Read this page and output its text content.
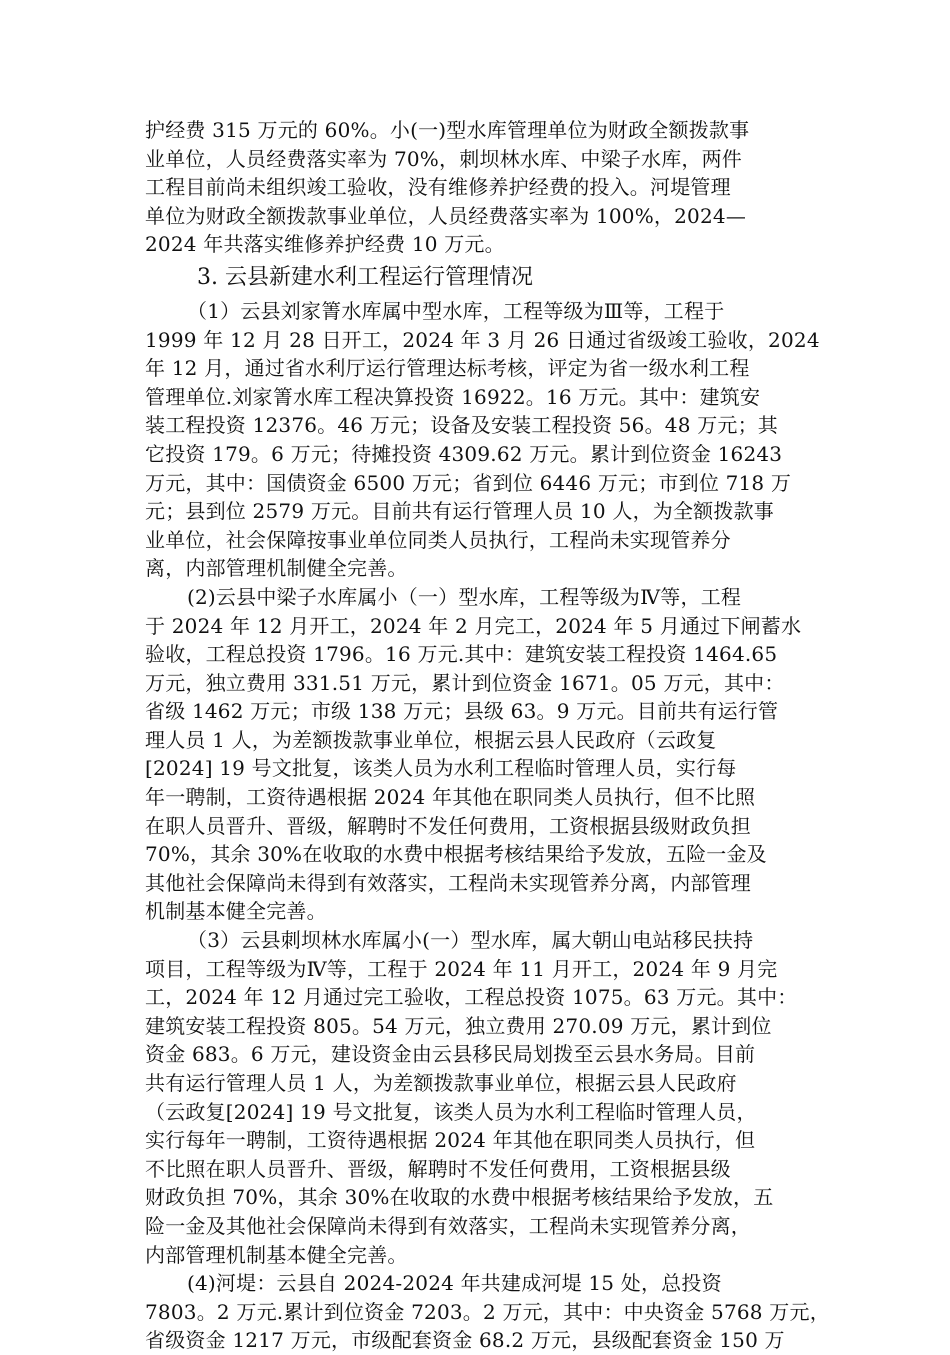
护经费 315 万元的 60%。小(一)型水库管理单位为财政全额拨款事
业单位，人员经费落实率为 70%，刺坝林水库、中梁子水库，两件
工程目前尚未组织竣工验收，没有维修养护经费的投入。河堤管理
单位为财政全额拨款事业单位，人员经费落实率为 100%，2024—
2024 年共落实维修养护经费 10 万元。
3. 云县新建水利工程运行管理情况
（1）云县刘家箐水库属中型水库，工程等级为Ⅲ等，工程于
1999 年 12 月 28 日开工，2024 年 3 月 26 日通过省级竣工验收，2024
年 12 月，通过省水利厅运行管理达标考核，评定为省一级水利工程
管理单位.刘家箐水库工程决算投资 16922。16 万元。其中：建筑安
装工程投资 12376。46 万元；设备及安装工程投资 56。48 万元；其
它投资 179。6 万元；待摊投资 4309.62 万元。累计到位资金 16243
万元，其中：国债资金 6500 万元；省到位 6446 万元；市到位 718 万
元；县到位 2579 万元。目前共有运行管理人员 10 人，为全额拨款事
业单位，社会保障按事业单位同类人员执行，工程尚未实现管养分
离，内部管理机制健全完善。
(2)云县中梁子水库属小（一）型水库，工程等级为Ⅳ等，工程
于 2024 年 12 月开工，2024 年 2 月完工，2024 年 5 月通过下闸蓄水
验收，工程总投资 1796。16 万元.其中：建筑安装工程投资 1464.65
万元，独立费用 331.51 万元，累计到位资金 1671。05 万元，其中：
省级 1462 万元；市级 138 万元；县级 63。9 万元。目前共有运行管
理人员 1 人，为差额拨款事业单位，根据云县人民政府（云政复
[2024] 19 号文批复，该类人员为水利工程临时管理人员，实行每
年一聘制，工资待遇根据 2024 年其他在职同类人员执行，但不比照
在职人员晋升、晋级，解聘时不发任何费用，工资根据县级财政负担
70%，其余 30%在收取的水费中根据考核结果给予发放，五险一金及
其他社会保障尚未得到有效落实，工程尚未实现管养分离，内部管理
机制基本健全完善。
（3）云县刺坝林水库属小(一）型水库，属大朝山电站移民扶持
项目，工程等级为Ⅳ等，工程于 2024 年 11 月开工，2024 年 9 月完
工，2024 年 12 月通过完工验收，工程总投资 1075。63 万元。其中：
建筑安装工程投资 805。54 万元，独立费用 270.09 万元，累计到位
资金 683。6 万元，建设资金由云县移民局划拨至云县水务局。目前
共有运行管理人员 1 人，为差额拨款事业单位，根据云县人民政府
（云政复[2024] 19 号文批复，该类人员为水利工程临时管理人员，
实行每年一聘制，工资待遇根据 2024 年其他在职同类人员执行，但
不比照在职人员晋升、晋级，解聘时不发任何费用，工资根据县级
财政负担 70%，其余 30%在收取的水费中根据考核结果给予发放，五
险一金及其他社会保障尚未得到有效落实，工程尚未实现管养分离，
内部管理机制基本健全完善。
(4)河堤：云县自 2024-2024 年共建成河堤 15 处，总投资
7803。2 万元.累计到位资金 7203。2 万元，其中：中央资金 5768 万元，
省级资金 1217 万元，市级配套资金 68.2 万元，县级配套资金 150 万
